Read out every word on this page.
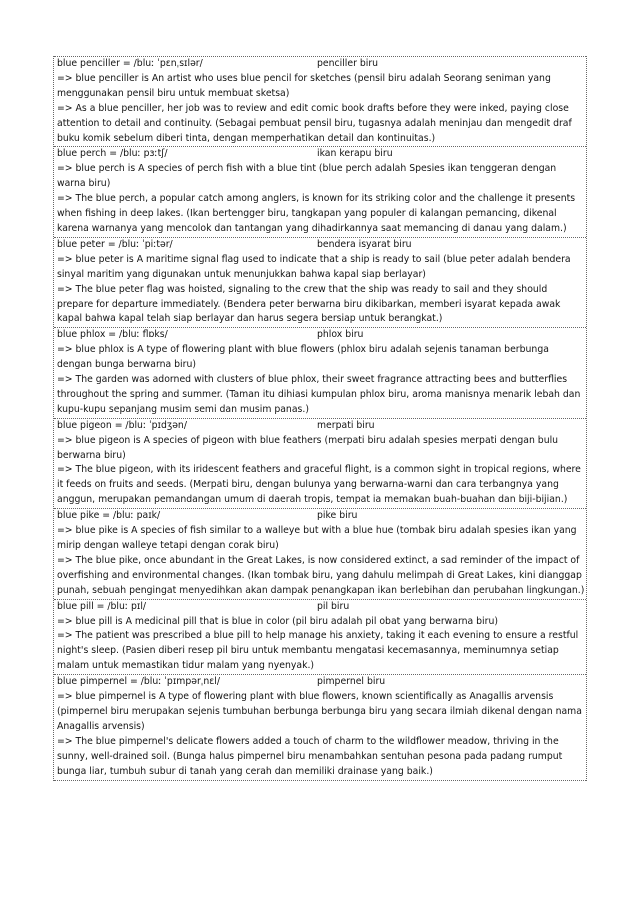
blue penciller = /bluː ˈpɛnˌsɪlər/	penciller biru
=> blue penciller is An artist who uses blue pencil for sketches (pensil biru adalah Seorang seniman yang menggunakan pensil biru untuk membuat sketsa)
=> As a blue penciller, her job was to review and edit comic book drafts before they were inked, paying close attention to detail and continuity. (Sebagai pembuat pensil biru, tugasnya adalah meninjau dan mengedit draf buku komik sebelum diberi tinta, dengan memperhatikan detail dan kontinuitas.)
blue perch = /bluː pɜːtʃ/	ikan kerapu biru
=> blue perch is A species of perch fish with a blue tint (blue perch adalah Spesies ikan tenggeran dengan warna biru)
=> The blue perch, a popular catch among anglers, is known for its striking color and the challenge it presents when fishing in deep lakes. (Ikan bertengger biru, tangkapan yang populer di kalangan pemancing, dikenal karena warnanya yang mencolok dan tantangan yang dihadirkannya saat memancing di danau yang dalam.)
blue peter = /bluː ˈpiːtər/	bendera isyarat biru
=> blue peter is A maritime signal flag used to indicate that a ship is ready to sail (blue peter adalah bendera sinyal maritim yang digunakan untuk menunjukkan bahwa kapal siap berlayar)
=> The blue peter flag was hoisted, signaling to the crew that the ship was ready to sail and they should prepare for departure immediately. (Bendera peter berwarna biru dikibarkan, memberi isyarat kepada awak kapal bahwa kapal telah siap berlayar dan harus segera bersiap untuk berangkat.)
blue phlox = /bluː flɒks/	phlox biru
=> blue phlox is A type of flowering plant with blue flowers (phlox biru adalah sejenis tanaman berbunga dengan bunga berwarna biru)
=> The garden was adorned with clusters of blue phlox, their sweet fragrance attracting bees and butterflies throughout the spring and summer. (Taman itu dihiasi kumpulan phlox biru, aroma manisnya menarik lebah dan kupu-kupu sepanjang musim semi dan musim panas.)
blue pigeon = /bluː ˈpɪdʒən/	merpati biru
=> blue pigeon is A species of pigeon with blue feathers (merpati biru adalah spesies merpati dengan bulu berwarna biru)
=> The blue pigeon, with its iridescent feathers and graceful flight, is a common sight in tropical regions, where it feeds on fruits and seeds. (Merpati biru, dengan bulunya yang berwarna-warni dan cara terbangnya yang anggun, merupakan pemandangan umum di daerah tropis, tempat ia memakan buah-buahan dan biji-bijian.)
blue pike = /bluː paɪk/	pike biru
=> blue pike is A species of fish similar to a walleye but with a blue hue (tombak biru adalah spesies ikan yang mirip dengan walleye tetapi dengan corak biru)
=> The blue pike, once abundant in the Great Lakes, is now considered extinct, a sad reminder of the impact of overfishing and environmental changes. (Ikan tombak biru, yang dahulu melimpah di Great Lakes, kini dianggap punah, sebuah pengingat menyedihkan akan dampak penangkapan ikan berlebihan dan perubahan lingkungan.)
blue pill = /bluː pɪl/	pil biru
=> blue pill is A medicinal pill that is blue in color (pil biru adalah pil obat yang berwarna biru)
=> The patient was prescribed a blue pill to help manage his anxiety, taking it each evening to ensure a restful night's sleep. (Pasien diberi resep pil biru untuk membantu mengatasi kecemasannya, meminumnya setiap malam untuk memastikan tidur malam yang nyenyak.)
blue pimpernel = /bluː ˈpɪmpərˌnɛl/	pimpernel biru
=> blue pimpernel is A type of flowering plant with blue flowers, known scientifically as Anagallis arvensis (pimpernel biru merupakan sejenis tumbuhan berbunga berbunga biru yang secara ilmiah dikenal dengan nama Anagallis arvensis)
=> The blue pimpernel's delicate flowers added a touch of charm to the wildflower meadow, thriving in the sunny, well-drained soil. (Bunga halus pimpernel biru menambahkan sentuhan pesona pada padang rumput bunga liar, tumbuh subur di tanah yang cerah dan memiliki drainase yang baik.)
